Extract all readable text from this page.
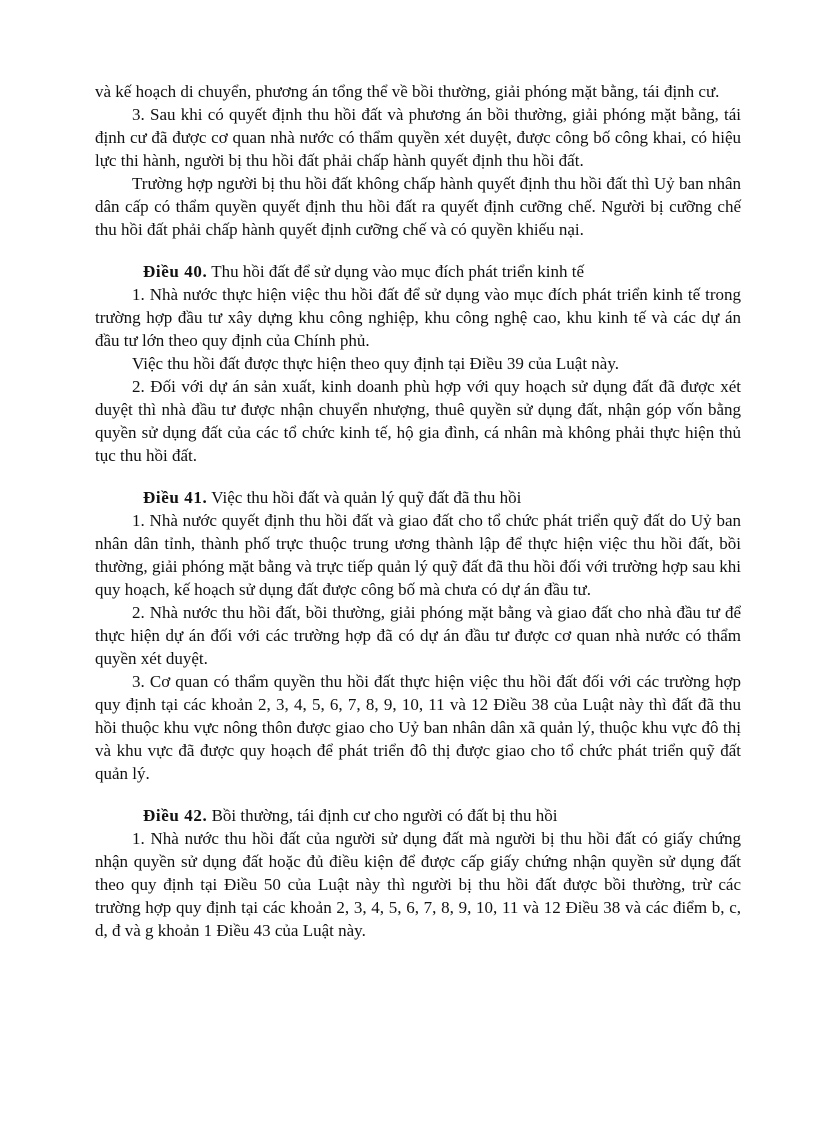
và kế hoạch di chuyển, phương án tổng thể về bồi thường, giải phóng mặt bằng, tái định cư.

3. Sau khi có quyết định thu hồi đất và phương án bồi thường, giải phóng mặt bằng, tái định cư đã được cơ quan nhà nước có thẩm quyền xét duyệt, được công bố công khai, có hiệu lực thi hành, người bị thu hồi đất phải chấp hành quyết định thu hồi đất.

Trường hợp người bị thu hồi đất không chấp hành quyết định thu hồi đất thì Uỷ ban nhân dân cấp có thẩm quyền quyết định thu hồi đất ra quyết định cưỡng chế. Người bị cưỡng chế thu hồi đất phải chấp hành quyết định cưỡng chế và có quyền khiếu nại.

Điều 40. Thu hồi đất để sử dụng vào mục đích phát triển kinh tế

1. Nhà nước thực hiện việc thu hồi đất để sử dụng vào mục đích phát triển kinh tế trong trường hợp đầu tư xây dựng khu công nghiệp, khu công nghệ cao, khu kinh tế và các dự án đầu tư lớn theo quy định của Chính phủ.

Việc thu hồi đất được thực hiện theo quy định tại Điều 39 của Luật này.

2. Đối với dự án sản xuất, kinh doanh phù hợp với quy hoạch sử dụng đất đã được xét duyệt thì nhà đầu tư được nhận chuyển nhượng, thuê quyền sử dụng đất, nhận góp vốn bằng quyền sử dụng đất của các tổ chức kinh tế, hộ gia đình, cá nhân mà không phải thực hiện thủ tục thu hồi đất.

Điều 41. Việc thu hồi đất và quản lý quỹ đất đã thu hồi

1. Nhà nước quyết định thu hồi đất và giao đất cho tổ chức phát triển quỹ đất do Uỷ ban nhân dân tỉnh, thành phố trực thuộc trung ương thành lập để thực hiện việc thu hồi đất, bồi thường, giải phóng mặt bằng và trực tiếp quản lý quỹ đất đã thu hồi đối với trường hợp sau khi quy hoạch, kế hoạch sử dụng đất được công bố mà chưa có dự án đầu tư.

2. Nhà nước thu hồi đất, bồi thường, giải phóng mặt bằng và giao đất cho nhà đầu tư để thực hiện dự án đối với các trường hợp đã có dự án đầu tư được cơ quan nhà nước có thẩm quyền xét duyệt.

3. Cơ quan có thẩm quyền thu hồi đất thực hiện việc thu hồi đất đối với các trường hợp quy định tại các khoản 2, 3, 4, 5, 6, 7, 8, 9, 10, 11 và 12 Điều 38 của Luật này thì đất đã thu hồi thuộc khu vực nông thôn được giao cho Uỷ ban nhân dân xã quản lý, thuộc khu vực đô thị và khu vực đã được quy hoạch để phát triển đô thị được giao cho tổ chức phát triển quỹ đất quản lý.

Điều 42. Bồi thường, tái định cư cho người có đất bị thu hồi

1. Nhà nước thu hồi đất của người sử dụng đất mà người bị thu hồi đất có giấy chứng nhận quyền sử dụng đất hoặc đủ điều kiện để được cấp giấy chứng nhận quyền sử dụng đất theo quy định tại Điều 50 của Luật này thì người bị thu hồi đất được bồi thường, trừ các trường hợp quy định tại các khoản 2, 3, 4, 5, 6, 7, 8, 9, 10, 11 và 12 Điều 38 và các điểm b, c, d, đ và g khoản 1 Điều 43 của Luật này.
